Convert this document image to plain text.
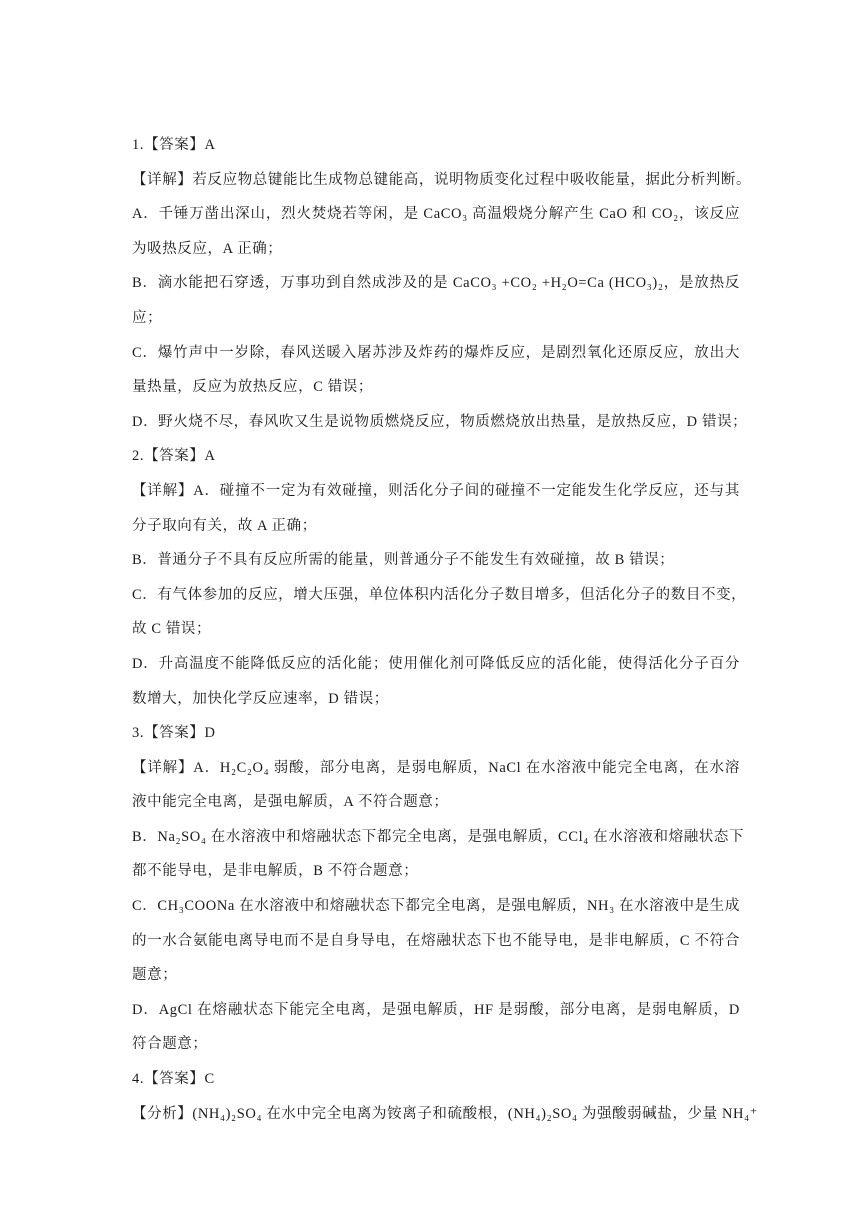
1.【答案】A
【详解】若反应物总键能比生成物总键能高，说明物质变化过程中吸收能量，据此分析判断。
A．千锤万凿出深山，烈火焚烧若等闲，是 CaCO₃ 高温煅烧分解产生 CaO 和 CO₂，该反应
为吸热反应，A 正确；
B．滴水能把石穿透，万事功到自然成涉及的是 CaCO₃ +CO₂ +H₂O=Ca (HCO₃)₂，是放热反
应；
C．爆竹声中一岁除，春风送暖入屠苏涉及炸药的爆炸反应，是剧烈氧化还原反应，放出大
量热量，反应为放热反应，C 错误；
D．野火烧不尽，春风吹又生是说物质燃烧反应，物质燃烧放出热量，是放热反应，D 错误；
2.【答案】A
【详解】A．碰撞不一定为有效碰撞，则活化分子间的碰撞不一定能发生化学反应，还与其
分子取向有关，故 A 正确；
B．普通分子不具有反应所需的能量，则普通分子不能发生有效碰撞，故 B 错误；
C．有气体参加的反应，增大压强，单位体积内活化分子数目增多，但活化分子的数目不变，
故 C 错误；
D．升高温度不能降低反应的活化能；使用催化剂可降低反应的活化能，使得活化分子百分
数增大，加快化学反应速率，D 错误；
3.【答案】D
【详解】A．H₂C₂O₄ 弱酸，部分电离，是弱电解质，NaCl 在水溶液中能完全电离，在水溶
液中能完全电离，是强电解质，A 不符合题意；
B．Na₂SO₄ 在水溶液中和熔融状态下都完全电离，是强电解质，CCl₄ 在水溶液和熔融状态下
都不能导电，是非电解质，B 不符合题意；
C．CH₃COONa 在水溶液中和熔融状态下都完全电离，是强电解质，NH₃ 在水溶液中是生成
的一水合氨能电离导电而不是自身导电，在熔融状态下也不能导电，是非电解质，C 不符合
题意；
D．AgCl 在熔融状态下能完全电离，是强电解质，HF 是弱酸，部分电离，是弱电解质，D
符合题意；
4.【答案】C
【分析】(NH₄)₂SO₄ 在水中完全电离为铵离子和硫酸根，(NH₄)₂SO₄ 为强酸弱碱盐，少量 NH₄⁺
